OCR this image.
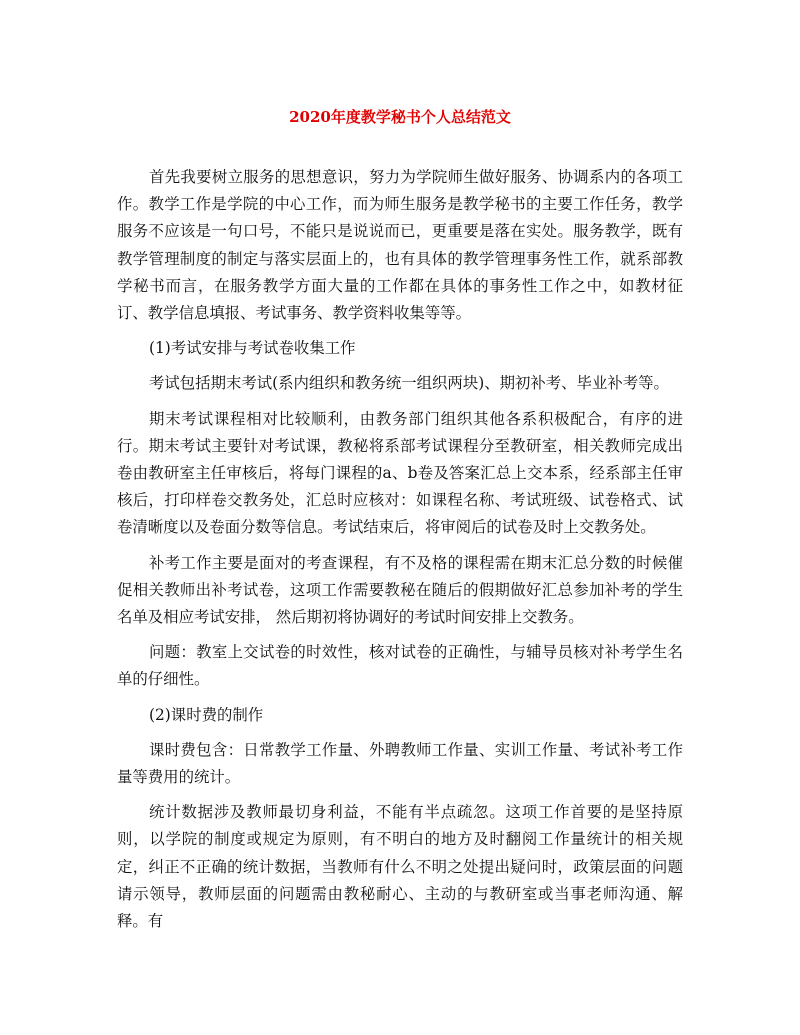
2020年度教学秘书个人总结范文

首先我要树立服务的思想意识，努力为学院师生做好服务、协调系内的各项工作。教学工作是学院的中心工作，而为师生服务是教学秘书的主要工作任务，教学服务不应该是一句口号，不能只是说说而已，更重要是落在实处。服务教学，既有教学管理制度的制定与落实层面上的，也有具体的教学管理事务性工作，就系部教学秘书而言，在服务教学方面大量的工作都在具体的事务性工作之中，如教材征订、教学信息填报、考试事务、教学资料收集等等。

(1)考试安排与考试卷收集工作

考试包括期末考试(系内组织和教务统一组织两块)、期初补考、毕业补考等。

期末考试课程相对比较顺利，由教务部门组织其他各系积极配合，有序的进行。期末考试主要针对考试课，教秘将系部考试课程分至教研室，相关教师完成出卷由教研室主任审核后，将每门课程的a、b卷及答案汇总上交本系，经系部主任审核后，打印样卷交教务处，汇总时应核对：如课程名称、考试班级、试卷格式、试卷清晰度以及卷面分数等信息。考试结束后，将审阅后的试卷及时上交教务处。

补考工作主要是面对的考查课程，有不及格的课程需在期末汇总分数的时候催促相关教师出补考试卷，这项工作需要教秘在随后的假期做好汇总参加补考的学生名单及相应考试安排， 然后期初将协调好的考试时间安排上交教务。

问题：教室上交试卷的时效性，核对试卷的正确性，与辅导员核对补考学生名单的仔细性。

(2)课时费的制作

课时费包含：日常教学工作量、外聘教师工作量、实训工作量、考试补考工作量等费用的统计。

统计数据涉及教师最切身利益，不能有半点疏忽。这项工作首要的是坚持原则，以学院的制度或规定为原则，有不明白的地方及时翻阅工作量统计的相关规定，纠正不正确的统计数据，当教师有什么不明之处提出疑问时，政策层面的问题请示领导，教师层面的问题需由教秘耐心、主动的与教研室或当事老师沟通、解释。有
